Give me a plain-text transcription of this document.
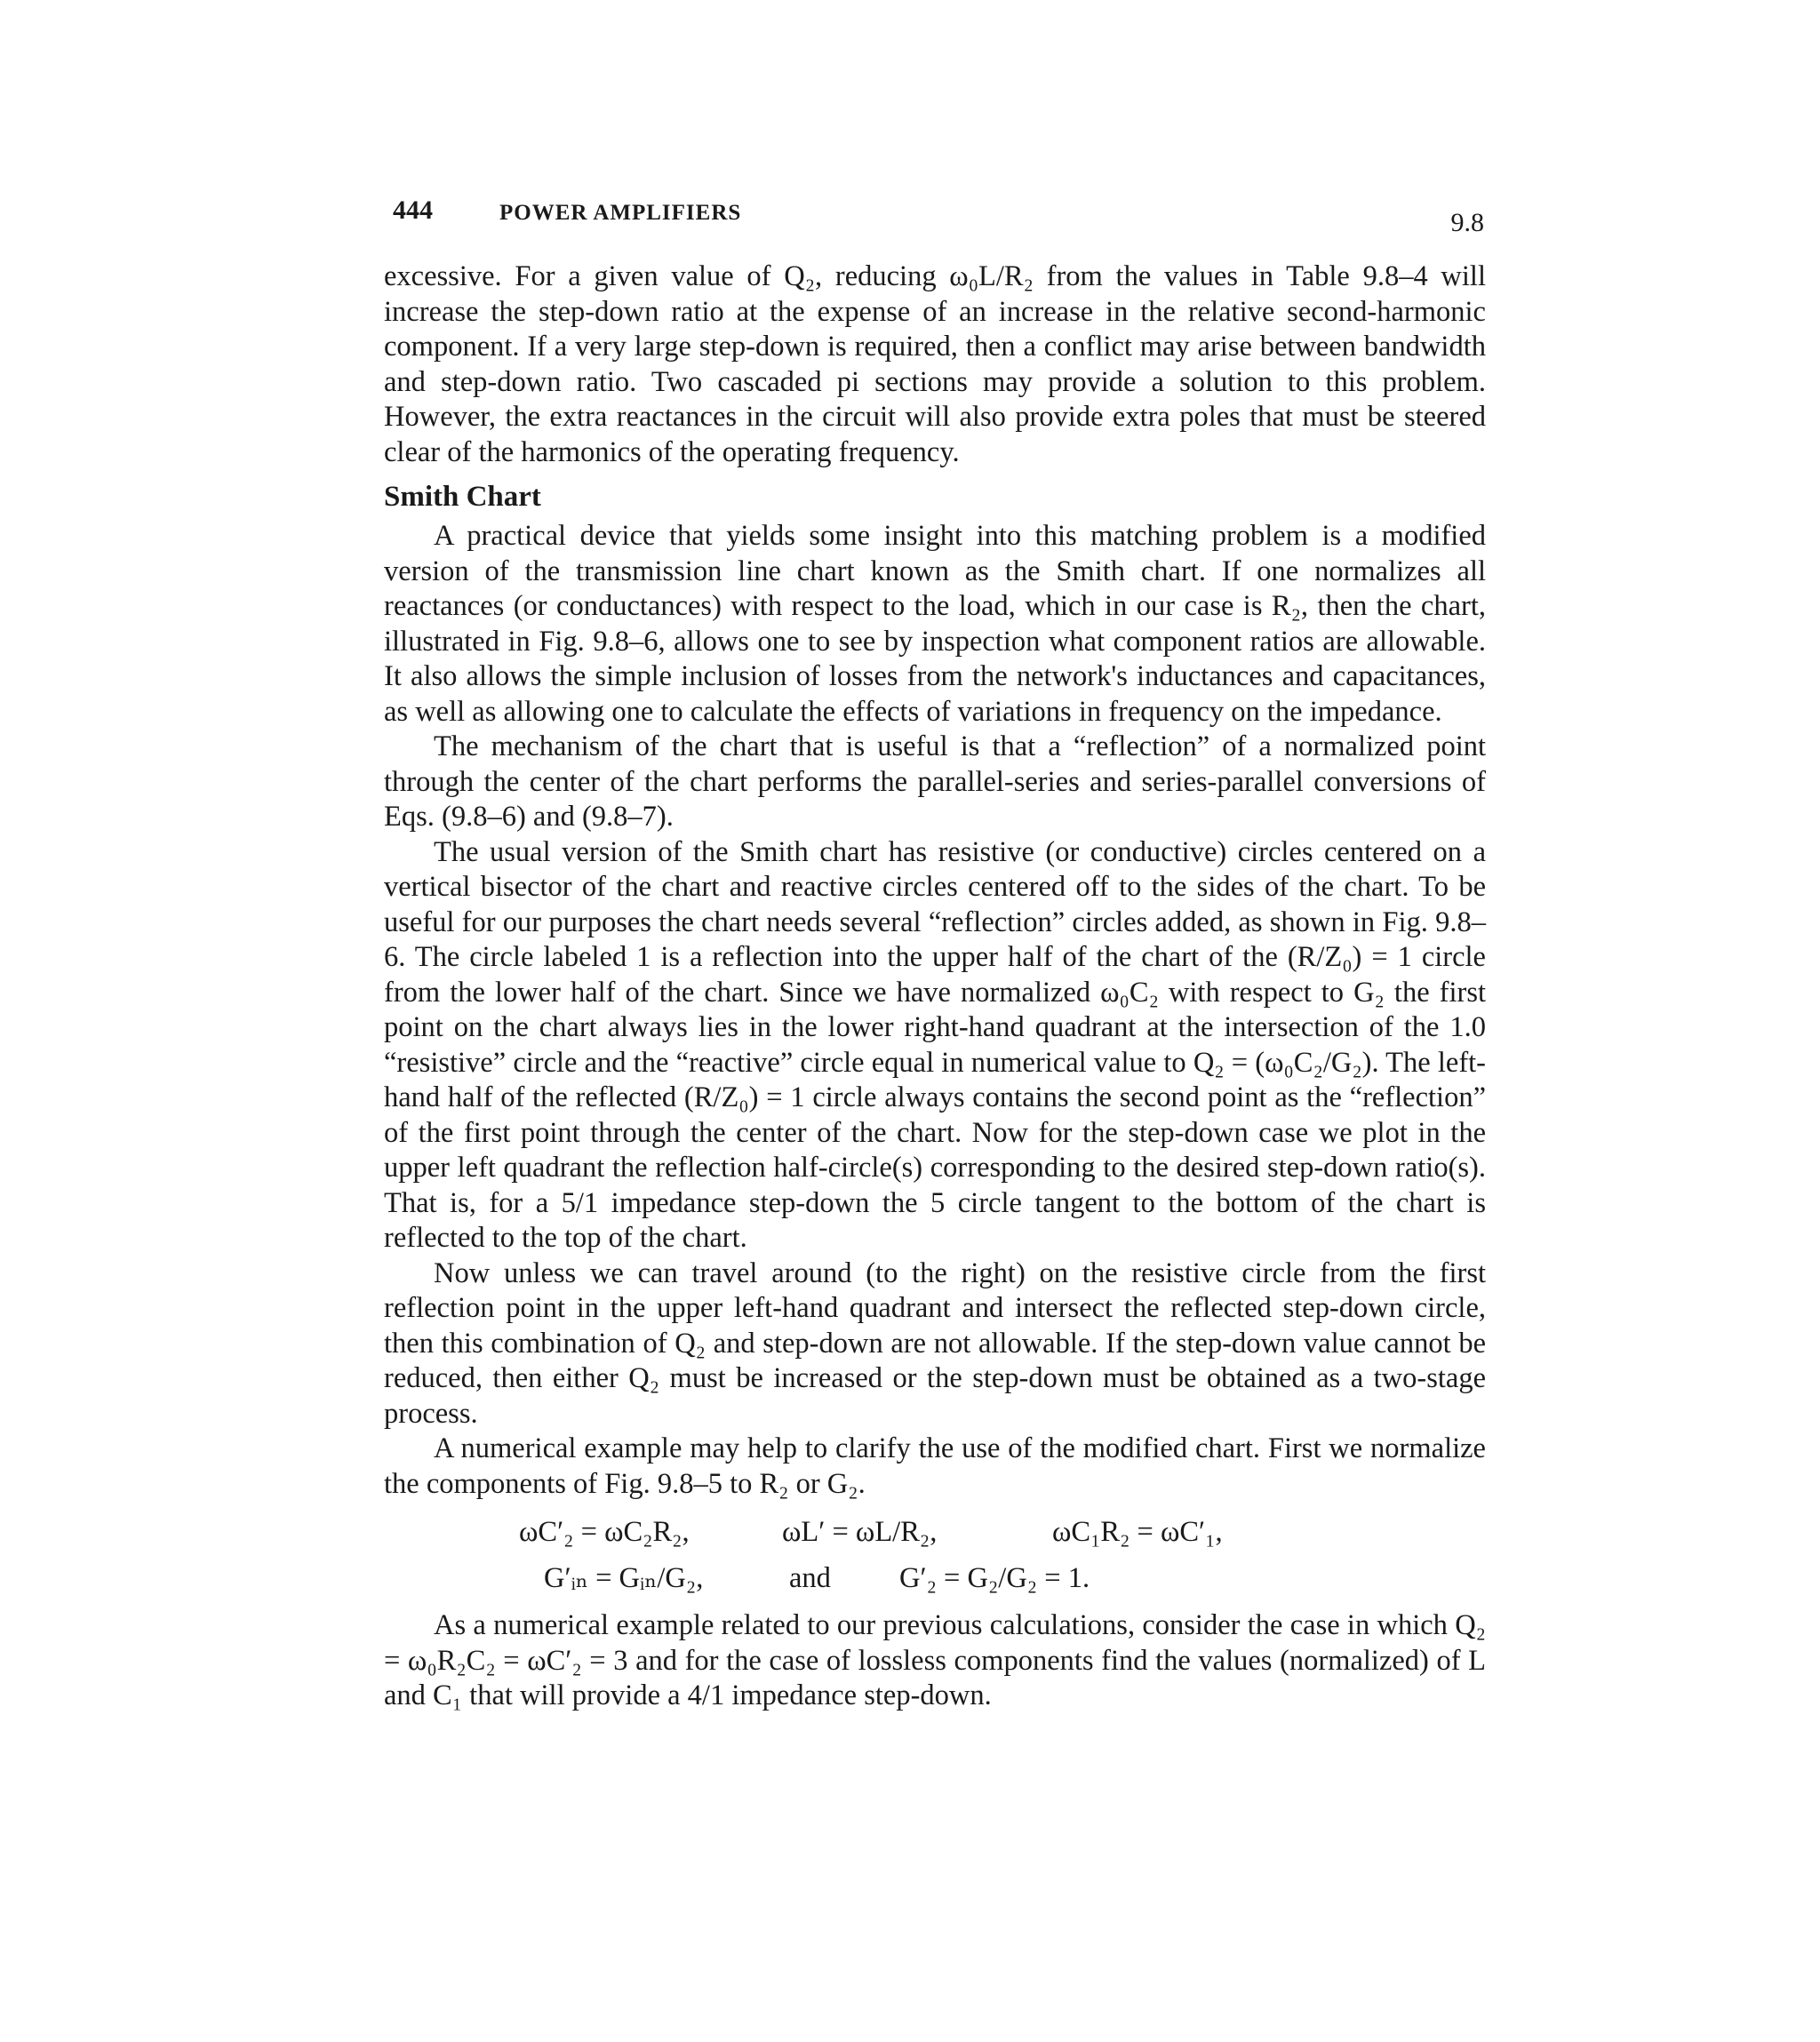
444	POWER AMPLIFIERS	9.8

excessive. For a given value of Q₂, reducing ω₀L/R₂ from the values in Table 9.8–4 will increase the step-down ratio at the expense of an increase in the relative second-harmonic component. If a very large step-down is required, then a conflict may arise between bandwidth and step-down ratio. Two cascaded pi sections may provide a solution to this problem. However, the extra reactances in the circuit will also provide extra poles that must be steered clear of the harmonics of the operating frequency.

Smith Chart

A practical device that yields some insight into this matching problem is a modified version of the transmission line chart known as the Smith chart. If one normalizes all reactances (or conductances) with respect to the load, which in our case is R₂, then the chart, illustrated in Fig. 9.8–6, allows one to see by inspection what component ratios are allowable. It also allows the simple inclusion of losses from the network's inductances and capacitances, as well as allowing one to calculate the effects of variations in frequency on the impedance.

The mechanism of the chart that is useful is that a “reflection” of a normalized point through the center of the chart performs the parallel-series and series-parallel conversions of Eqs. (9.8–6) and (9.8–7).

The usual version of the Smith chart has resistive (or conductive) circles centered on a vertical bisector of the chart and reactive circles centered off to the sides of the chart. To be useful for our purposes the chart needs several “reflection” circles added, as shown in Fig. 9.8–6. The circle labeled 1 is a reflection into the upper half of the chart of the (R/Z₀) = 1 circle from the lower half of the chart. Since we have normalized ω₀C₂ with respect to G₂ the first point on the chart always lies in the lower right-hand quadrant at the intersection of the 1.0 “resistive” circle and the “reactive” circle equal in numerical value to Q₂ = (ω₀C₂/G₂). The left-hand half of the reflected (R/Z₀) = 1 circle always contains the second point as the “reflection” of the first point through the center of the chart. Now for the step-down case we plot in the upper left quadrant the reflection half-circle(s) corresponding to the desired step-down ratio(s). That is, for a 5/1 impedance step-down the 5 circle tangent to the bottom of the chart is reflected to the top of the chart.

Now unless we can travel around (to the right) on the resistive circle from the first reflection point in the upper left-hand quadrant and intersect the reflected step-down circle, then this combination of Q₂ and step-down are not allowable. If the step-down value cannot be reduced, then either Q₂ must be increased or the step-down must be obtained as a two-stage process.

A numerical example may help to clarify the use of the modified chart. First we normalize the components of Fig. 9.8–5 to R₂ or G₂.

ωC′₂ = ωC₂R₂,	ωL′ = ωL/R₂,	ωC₁R₂ = ωC′₁,
G′ᵢₙ = Gᵢₙ/G₂,	and G′₂ = G₂/G₂ = 1.

As a numerical example related to our previous calculations, consider the case in which Q₂ = ω₀R₂C₂ = ωC′₂ = 3 and for the case of lossless components find the values (normalized) of L and C₁ that will provide a 4/1 impedance step-down.
